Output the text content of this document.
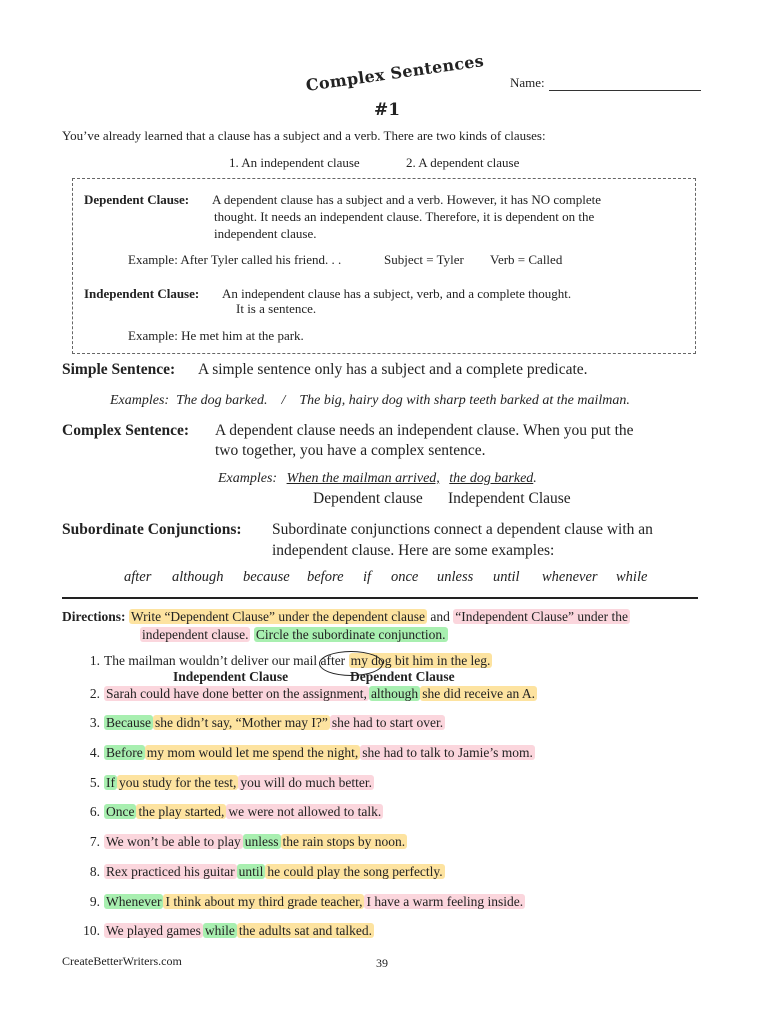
Complex Sentences
#1
Name:
You’ve already learned that a clause has a subject and a verb. There are two kinds of clauses:
1. An independent clause	2. A dependent clause
Dependent Clause: A dependent clause has a subject and a verb. However, it has NO complete
thought. It needs an independent clause. Therefore, it is dependent on the
independent clause.
Example: After Tyler called his friend. . .	Subject = Tyler Verb = Called
Independent Clause: An independent clause has a subject, verb, and a complete thought.
It is a sentence.
Example: He met him at the park.
Simple Sentence: A simple sentence only has a subject and a complete predicate.
Examples:  The dog barked.    /    The big, hairy dog with sharp teeth barked at the mailman.
Complex Sentence: A dependent clause needs an independent clause. When you put the
two together, you have a complex sentence.
Examples: When the mailman arrived, the dog barked.
Dependent clause Independent Clause
Subordinate Conjunctions: Subordinate conjunctions connect a dependent clause with an
independent clause. Here are some examples:
after although because before if once unless until whenever while
Directions: Write “Dependent Clause” under the dependent clause and “Independent Clause” under the
independent clause. Circle the subordinate conjunction.
1. The mailman wouldn’t deliver our mail after my dog bit him in the leg.
Independent Clause	Dependent Clause
2. Sarah could have done better on the assignment, although she did receive an A.
3. Because she didn’t say, “Mother may I?” she had to start over.
4. Before my mom would let me spend the night, she had to talk to Jamie’s mom.
5. If you study for the test, you will do much better.
6. Once the play started, we were not allowed to talk.
7. We won’t be able to play unless the rain stops by noon.
8. Rex practiced his guitar until he could play the song perfectly.
9. Whenever I think about my third grade teacher, I have a warm feeling inside.
10. We played games while the adults sat and talked.
CreateBetterWriters.com	39
